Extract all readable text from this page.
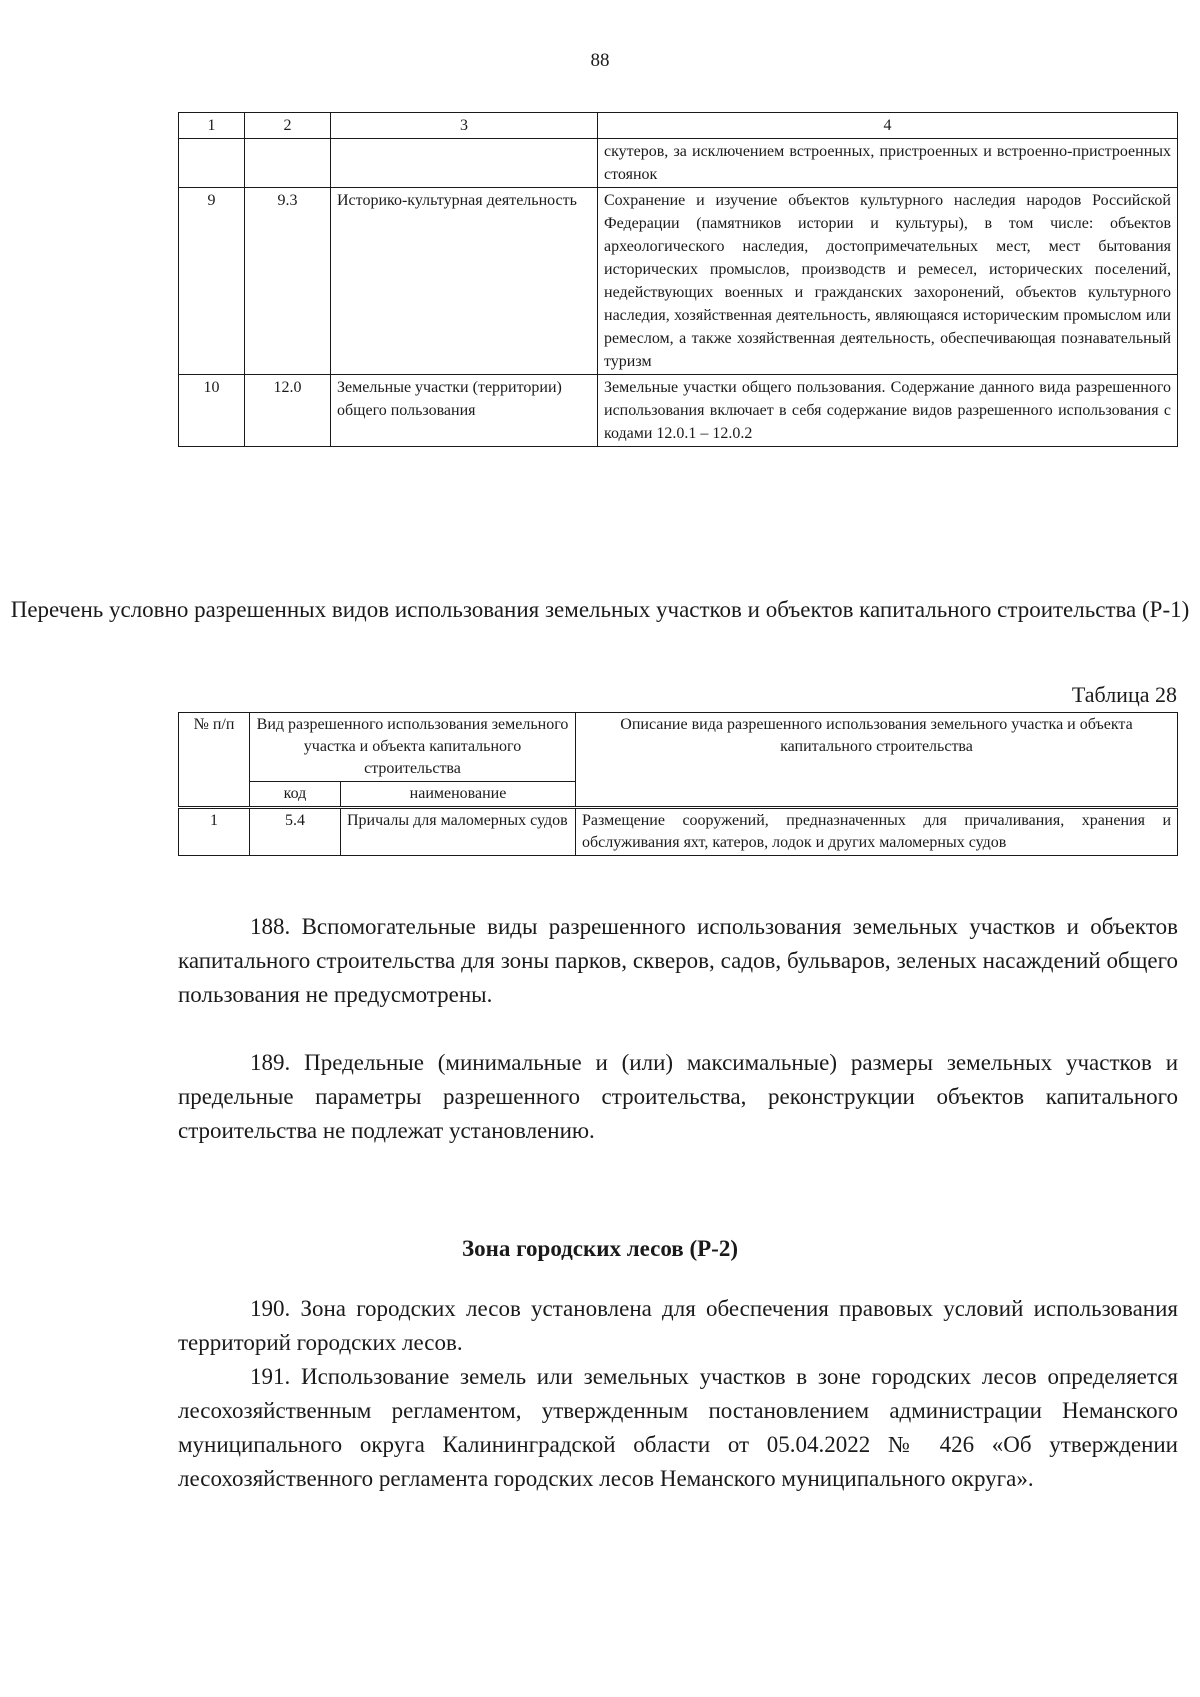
88
1	2	3	4
			скутеров, за исключением встроенных, пристроенных и встроенно-пристроенных стоянок
9	9.3	Историко-культурная деятельность	Сохранение и изучение объектов культурного наследия народов Российской Федерации (памятников истории и культуры), в том числе: объектов археологического наследия, достопримечательных мест, мест бытования исторических промыслов, производств и ремесел, исторических поселений, недействующих военных и гражданских захоронений, объектов культурного наследия, хозяйственная деятельность, являющаяся историческим промыслом или ремеслом, а также хозяйственная деятельность, обеспечивающая познавательный туризм
10	12.0	Земельные участки (территории) общего пользования	Земельные участки общего пользования. Содержание данного вида разрешенного использования включает в себя содержание видов разрешенного использования с кодами 12.0.1 – 12.0.2
Перечень условно разрешенных видов использования земельных участков и объектов капитального строительства (Р-1)
Таблица 28
№ п/п	Вид разрешенного использования земельного участка и объекта капитального строительства		Описание вида разрешенного использования земельного участка и объекта капитального строительства
	код	наименование	
1	5.4	Причалы для маломерных судов	Размещение сооружений, предназначенных для причаливания, хранения и обслуживания яхт, катеров, лодок и других маломерных судов
188. Вспомогательные виды разрешенного использования земельных участков и объектов капитального строительства для зоны парков, скверов, садов, бульваров, зеленых насаждений общего пользования не предусмотрены.
189. Предельные (минимальные и (или) максимальные) размеры земельных участков и предельные параметры разрешенного строительства, реконструкции объектов капитального строительства не подлежат установлению.
Зона городских лесов (Р-2)
190. Зона городских лесов установлена для обеспечения правовых условий использования территорий городских лесов.
191. Использование земель или земельных участков в зоне городских лесов определяется лесохозяйственным регламентом, утвержденным постановлением администрации Неманского муниципального округа Калининградской области от 05.04.2022 № 426 «Об утверждении лесохозяйственного регламента городских лесов Неманского муниципального округа».
